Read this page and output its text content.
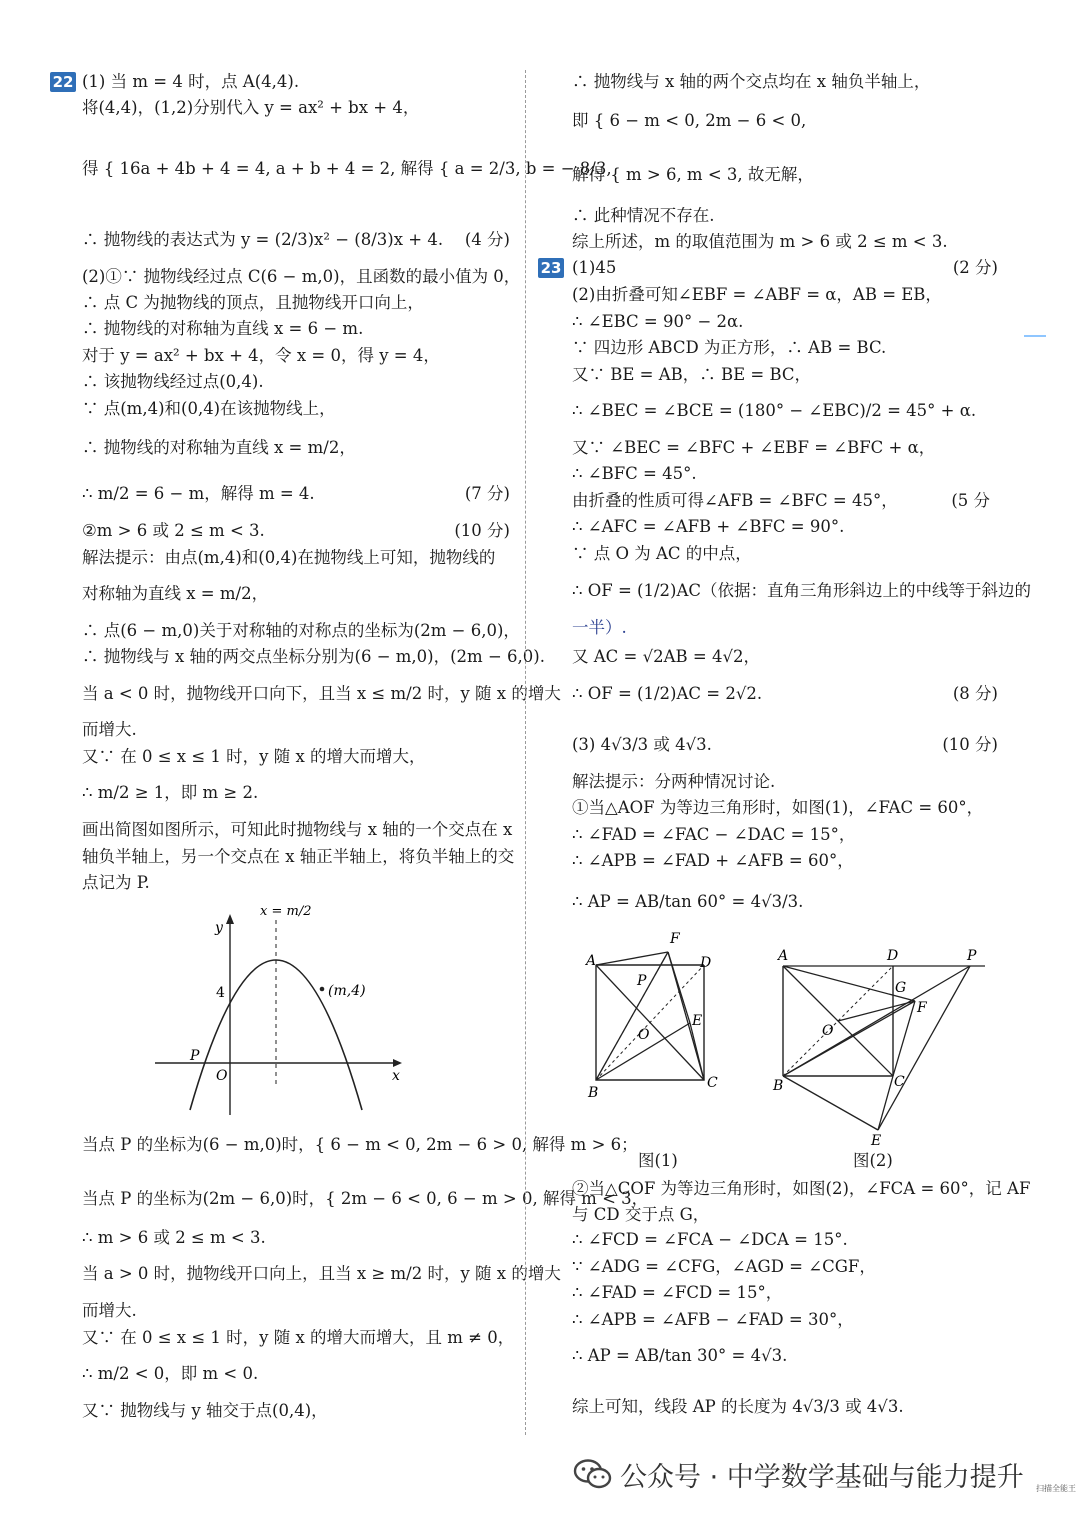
22 (1) 当 m = 4 时，点 A(4,4).
将(4,4)，(1,2)分别代入 y = ax² + bx + 4，
得 { 16a + 4b + 4 = 4, a + b + 4 = 2, 解得 { a = 2/3, b = − 8/3,
∴ 抛物线的表达式为 y = (2/3)x² − (8/3)x + 4.	(4 分)
(2)①∵ 抛物线经过点 C(6 − m,0)，且函数的最小值为 0，
∴ 点 C 为抛物线的顶点，且抛物线开口向上，
∴ 抛物线的对称轴为直线 x = 6 − m.
对于 y = ax² + bx + 4，令 x = 0，得 y = 4，
∴ 该抛物线经过点(0,4).
∵ 点(m,4)和(0,4)在该抛物线上，
∴ 抛物线的对称轴为直线 x = m/2，
∴ m/2 = 6 − m，解得 m = 4.	(7 分)
②m > 6 或 2 ≤ m < 3.	(10 分)
解法提示：由点(m,4)和(0,4)在抛物线上可知，抛物线的
对称轴为直线 x = m/2，
∴ 点(6 − m,0)关于对称轴的对称点的坐标为(2m − 6,0)，
∴ 抛物线与 x 轴的两交点坐标分别为(6 − m,0)，(2m − 6,0).
当 a < 0 时，抛物线开口向下，且当 x ≤ m/2 时，y 随 x 的增大
而增大.
又∵ 在 0 ≤ x ≤ 1 时，y 随 x 的增大而增大，
∴ m/2 ≥ 1，即 m ≥ 2.
画出简图如图所示，可知此时抛物线与 x 轴的一个交点在 x
轴负半轴上，另一个交点在 x 轴正半轴上，将负半轴上的交
点记为 P.
y
x
x = m/2
4	(m,4)
P
O
当点 P 的坐标为(6 − m,0)时，{ 6 − m < 0, 2m − 6 > 0, 解得 m > 6；
当点 P 的坐标为(2m − 6,0)时，{ 2m − 6 < 0, 6 − m > 0, 解得 m < 3，
∴ m > 6 或 2 ≤ m < 3.
当 a > 0 时，抛物线开口向上，且当 x ≥ m/2 时，y 随 x 的增大
而增大.
又∵ 在 0 ≤ x ≤ 1 时，y 随 x 的增大而增大，且 m ≠ 0，
∴ m/2 < 0，即 m < 0.
又∵ 抛物线与 y 轴交于点(0,4)，
∴ 抛物线与 x 轴的两个交点均在 x 轴负半轴上，
即 { 6 − m < 0, 2m − 6 < 0,
解得 { m > 6, m < 3, 故无解，
∴ 此种情况不存在.
综上所述，m 的取值范围为 m > 6 或 2 ≤ m < 3.
23 (1)45	(2 分)
(2)由折叠可知∠EBF = ∠ABF = α，AB = EB，
∴ ∠EBC = 90° − 2α.
∵ 四边形 ABCD 为正方形，∴ AB = BC.
又∵ BE = AB，∴ BE = BC，
∴ ∠BEC = ∠BCE = (180° − ∠EBC)/2 = 45° + α.
又∵ ∠BEC = ∠BFC + ∠EBF = ∠BFC + α，
∴ ∠BFC = 45°.
由折叠的性质可得∠AFB = ∠BFC = 45°，	(5 分
∴ ∠AFC = ∠AFB + ∠BFC = 90°.
∵ 点 O 为 AC 的中点，
∴ OF = (1/2)AC（依据：直角三角形斜边上的中线等于斜边的
一半）.
又 AC = √2AB = 4√2，
∴ OF = (1/2)AC = 2√2.	(8 分)
(3) 4√3/3 或 4√3.	(10 分)
解法提示：分两种情况讨论.
①当△AOF 为等边三角形时，如图(1)，∠FAC = 60°，
∴ ∠FAD = ∠FAC − ∠DAC = 15°，
∴ ∠APB = ∠FAD + ∠AFB = 60°，
∴ AP = AB/tan 60° = 4√3/3.
A
B
C
D
E
F
P
O
图(1)
A
B	C
D
E
F
G
O
P
图(2)
②当△COF 为等边三角形时，如图(2)，∠FCA = 60°，记 AF
与 CD 交于点 G，
∴ ∠FCD = ∠FCA − ∠DCA = 15°.
∵ ∠ADG = ∠CFG，∠AGD = ∠CGF，
∴ ∠FAD = ∠FCD = 15°，
∴ ∠APB = ∠AFB − ∠FAD = 30°，
∴ AP = AB/tan 30° = 4√3.
综上可知，线段 AP 的长度为 4√3/3 或 4√3.
公众号 · 中学数学基础与能力提升 扫描全能王
